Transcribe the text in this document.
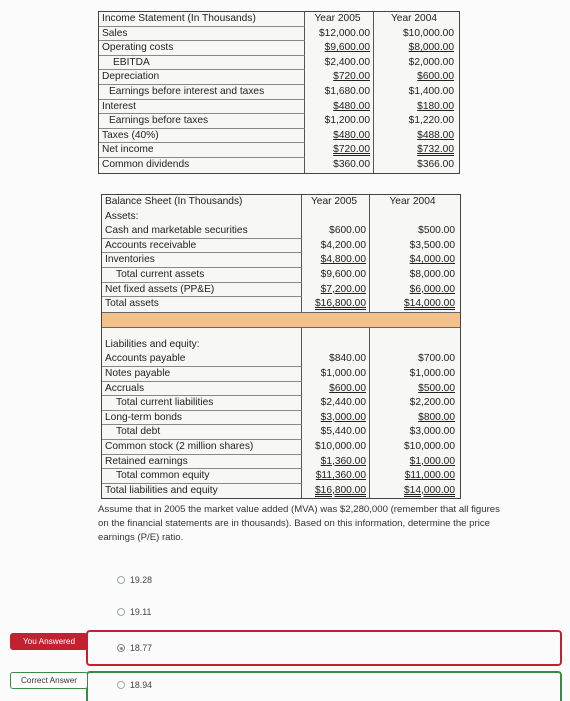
Income Statement (In Thousands)	Year 2005	Year 2004
Sales	$12,000.00	$10,000.00
Operating costs	$9,600.00	$8,000.00
EBITDA	$2,400.00	$2,000.00
Depreciation	$720.00	$600.00
Earnings before interest and taxes	$1,680.00	$1,400.00
Interest	$480.00	$180.00
Earnings before taxes	$1,200.00	$1,220.00
Taxes (40%)	$480.00	$488.00
Net income	$720.00	$732.00
Common dividends	$360.00	$366.00
Balance Sheet (In Thousands)	Year 2005	Year 2004
Assets:
Cash and marketable securities	$600.00	$500.00
Accounts receivable	$4,200.00	$3,500.00
Inventories	$4,800.00	$4,000.00
Total current assets	$9,600.00	$8,000.00
Net fixed assets (PP&E)	$7,200.00	$6,000.00
Total assets	$16,800.00	$14,000.00
Liabilities and equity:
Accounts payable	$840.00	$700.00
Notes payable	$1,000.00	$1,000.00
Accruals	$600.00	$500.00
Total current liabilities	$2,440.00	$2,200.00
Long-term bonds	$3,000.00	$800.00
Total debt	$5,440.00	$3,000.00
Common stock (2 million shares)	$10,000.00	$10,000.00
Retained earnings	$1,360.00	$1,000.00
Total common equity	$11,360.00	$11,000.00
Total liabilities and equity	$16,800.00	$14,000.00
Assume that in 2005 the market value added (MVA) was $2,280,000 (remember that all figures on the financial statements are in thousands). Based on this information, determine the price earnings (P/E) ratio.
You Answered
Correct Answer
19.28
19.11
18.77
18.94
